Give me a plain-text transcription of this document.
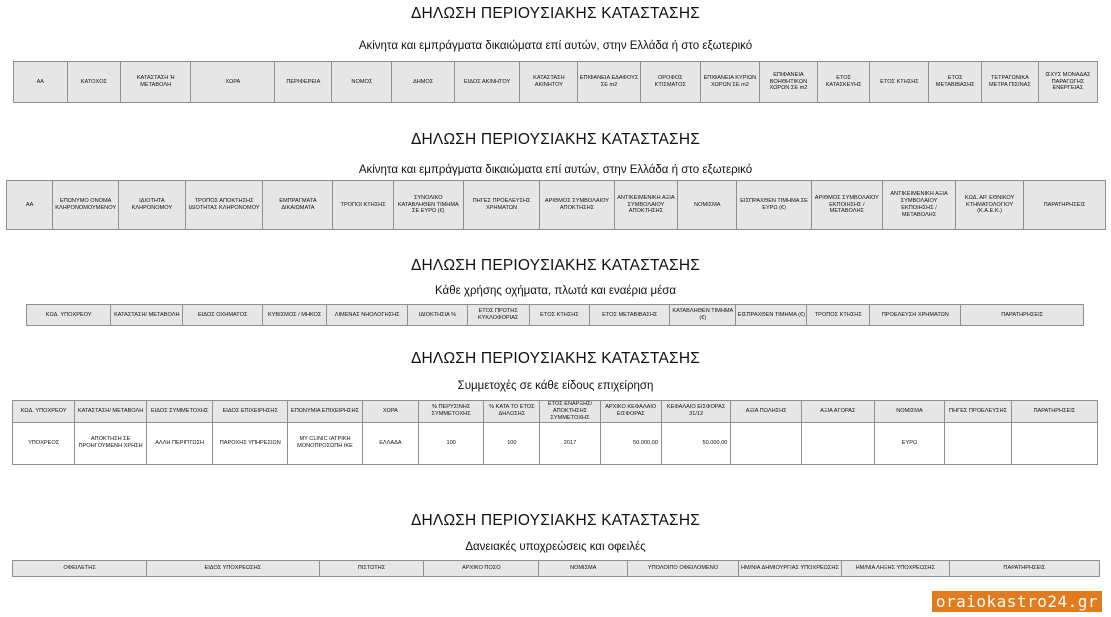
ΔΗΛΩΣΗ ΠΕΡΙΟΥΣΙΑΚΗΣ ΚΑΤΑΣΤΑΣΗΣ
Ακίνητα και εμπράγματα δικαιώματα επί αυτών, στην Ελλάδα ή στο εξωτερικό
ΑΑ	ΚΑΤΟΧΟΣ	ΚΑΤΑΣΤΑΣΗ Ή ΜΕΤΑΒΟΛΗ	ΧΩΡΑ	ΠΕΡΙΦΕΡΕΙΑ	ΝΟΜΟΣ	ΔΗΜΟΣ	ΕΙΔΟΣ ΑΚΙΝΗΤΟΥ	ΚΑΤΑΣΤΑΣΗ ΑΚΙΝΗΤΟΥ	ΕΠΙΦΑΝΕΙΑ ΕΔΑΦΟΥΣ ΣΕ m2	ΟΡΟΦΟΣ ΚΤΙΣΜΑΤΟΣ	ΕΠΙΦΑΝΕΙΑ ΚΥΡΙΩΝ ΧΩΡΩΝ ΣΕ m2	ΕΠΙΦΑΝΕΙΑ ΒΟΗΘΗΤΙΚΩΝ ΧΩΡΩΝ ΣΕ m2	ΕΤΟΣ ΚΑΤΑΣΚΕΥΗΣ	ΕΤΟΣ ΚΤΗΣΗΣ	ΕΤΟΣ ΜΕΤΑΒΙΒΑΣΗΣ	ΤΕΤΡΑΓΩΝΙΚΑ ΜΕΤΡΑ ΠΙΣΙΝΑΣ	ΙΣΧΥΣ ΜΟΝΑΔΑΣ ΠΑΡΑΓΩΓΗΣ ΕΝΕΡΓΕΙΑΣ
ΔΗΛΩΣΗ ΠΕΡΙΟΥΣΙΑΚΗΣ ΚΑΤΑΣΤΑΣΗΣ
Ακίνητα και εμπράγματα δικαιώματα επί αυτών, στην Ελλάδα ή στο εξωτερικό
ΑΑ	ΕΠΩΝΥΜΟ ΟΝΟΜΑ ΚΛΗΡΟΝΟΜΟΥΜΕΝΟΥ	ΙΔΙΟΤΗΤΑ ΚΛΗΡΟΝΟΜΟΥ	ΤΡΟΠΟΣ ΑΠΟΚΤΗΣΗΣ ΙΔΙΟΤΗΤΑΣ ΚΛΗΡΟΝΟΜΟΥ	ΕΜΠΡΑΓΜΑΤΑ ΔΙΚΑΙΩΜΑΤΑ	ΤΡΟΠΟΙ ΚΤΗΣΗΣ	ΣΥΝΟΛΙΚΟ ΚΑΤΑΒΛΗΘΕΝ ΤΙΜΗΜΑ ΣΕ ΕΥΡΩ (€)	ΠΗΓΕΣ ΠΡΟΕΛΕΥΣΗΣ ΧΡΗΜΑΤΩΝ	ΑΡΙΘΜΟΣ ΣΥΜΒΟΛΑΙΟΥ ΑΠΟΚΤΗΣΗΣ	ΑΝΤΙΚΕΙΜΕΝΙΚΗ ΑΞΙΑ ΣΥΜΒΟΛΑΙΟΥ ΑΠΟΚΤΗΣΗΣ	ΝΟΜΙΣΜΑ	ΕΙΣΠΡΑΧΘΕΝ ΤΙΜΗΜΑ ΣΕ ΕΥΡΩ (€)	ΑΡΙΘΜΟΣ ΣΥΜΒΟΛΑΙΟΥ ΕΚΠΟΙΗΣΗΣ /ΜΕΤΑΒΟΛΗΣ	ΑΝΤΙΚΕΙΜΕΝΙΚΗ ΑΞΙΑ ΣΥΜΒΟΛΑΙΟΥ ΕΚΠΟΙΗΣΗΣ / ΜΕΤΑΒΟΛΗΣ	ΚΩΔ. ΑΡ. ΕΘΝΙΚΟΥ ΚΤΗΜΑΤΟΛΟΓΙΟΥ (Κ.Α.Ε.Κ.)	ΠΑΡΑΤΗΡΗΣΕΙΣ
ΔΗΛΩΣΗ ΠΕΡΙΟΥΣΙΑΚΗΣ ΚΑΤΑΣΤΑΣΗΣ
Κάθε χρήσης οχήματα, πλωτά και εναέρια μέσα
ΚΩΔ. ΥΠΟΧΡΕΟΥ	ΚΑΤΑΣΤΑΣΗ/ ΜΕΤΑΒΟΛΗ	ΕΙΔΟΣ ΟΧΗΜΑΤΟΣ	ΚΥΒΙΣΜΟΣ / ΜΗΚΟΣ	ΛΙΜΕΝΑΣ ΝΗΟΛΟΓΗΣΗΣ	ΙΔΙΟΚΤΗΣΙΑ %	ΕΤΟΣ ΠΡΩΤΗΣ ΚΥΚΛΟΦΟΡΙΑΣ	ΕΤΟΣ ΚΤΗΣΗΣ	ΕΤΟΣ ΜΕΤΑΒΙΒΑΣΗΣ	ΚΑΤΑΒΛΗΘΕΝ ΤΙΜΗΜΑ (€)	ΕΙΣΠΡΑΧΘΕΝ ΤΙΜΗΜΑ (€)	ΤΡΟΠΟΣ ΚΤΗΣΗΣ	ΠΡΟΕΛΕΥΣΗ ΧΡΗΜΑΤΩΝ	ΠΑΡΑΤΗΡΗΣΕΙΣ
ΔΗΛΩΣΗ ΠΕΡΙΟΥΣΙΑΚΗΣ ΚΑΤΑΣΤΑΣΗΣ
Συμμετοχές σε κάθε είδους επιχείρηση
ΚΩΔ. ΥΠΟΧΡΕΟΥ	ΚΑΤΑΣΤΑΣΗ/ ΜΕΤΑΒΟΛΗ	ΕΙΔΟΣ ΣΥΜΜΕΤΟΧΗΣ	ΕΙΔΟΣ ΕΠΙΧΕΙΡΗΣΗΣ	ΕΠΩΝΥΜΙΑ ΕΠΙΧΕΙΡΗΣΗΣ	ΧΩΡΑ	% ΠΕΡΥΣΙΝΗΣ ΣΥΜΜΕΤΟΧΗΣ	% ΚΑΤΑ ΤΟ ΕΤΟΣ ΔΗΛΩΣΗΣ	ΕΤΟΣ ΕΝΑΡΞΗΣ/ΑΠΟΚΤΗΣΗΣ ΣΥΜΜΕΤΟΧΗΣ	ΑΡΧΙΚΟ ΚΕΦΑΛΑΙΟ ΕΙΣΦΟΡΑΣ	ΚΕΦΑΛΑΙΟ ΕΙΣΦΟΡΑΣ 31/12	ΑΞΙΑ ΠΩΛΗΣΗΣ	ΑΞΙΑ ΑΓΟΡΑΣ	ΝΟΜΙΣΜΑ	ΠΗΓΕΣ ΠΡΟΕΛΕΥΣΗΣ	ΠΑΡΑΤΗΡΗΣΕΙΣ
ΥΠΟΧΡΕΟΣ	ΑΠΟΚΤΗΣΗ ΣΕ ΠΡΟΗΓΟΥΜΕΝΗ ΧΡΗΣΗ	ΑΛΛΗ ΠΕΡΙΠΤΩΣΗ	ΠΑΡΟΧΗΣ ΥΠΗΡΕΣΙΩΝ	MY CLINIC ΙΑΤΡΙΚΗ ΜΟΝΟΠΡΟΣΩΠΗ ΙΚΕ	ΕΛΛΑΔΑ	100	100	2017	50.000,00	50.000,00			ΕΥΡΩ		
ΔΗΛΩΣΗ ΠΕΡΙΟΥΣΙΑΚΗΣ ΚΑΤΑΣΤΑΣΗΣ
Δανειακές υποχρεώσεις και οφειλές
ΟΦΕΙΛΕΤΗΣ	ΕΙΔΟΣ ΥΠΟΧΡΕΩΣΗΣ	ΠΙΣΤΩΤΗΣ	ΑΡΧΙΚΟ ΠΟΣΟ	ΝΟΜΙΣΜΑ	ΥΠΟΛΟΙΠΟ ΟΦΕΙΛΟΜΕΝΟ	ΗΜ/ΝΙΑ ΔΗΜΙΟΥΡΓΙΑΣ ΥΠΟΧΡΕΩΣΗΣ	ΗΜ/ΝΙΑ ΛΗΞΗΣ ΥΠΟΧΡΕΩΣΗΣ	ΠΑΡΑΤΗΡΗΣΕΙΣ
oraiokastro24.gr
